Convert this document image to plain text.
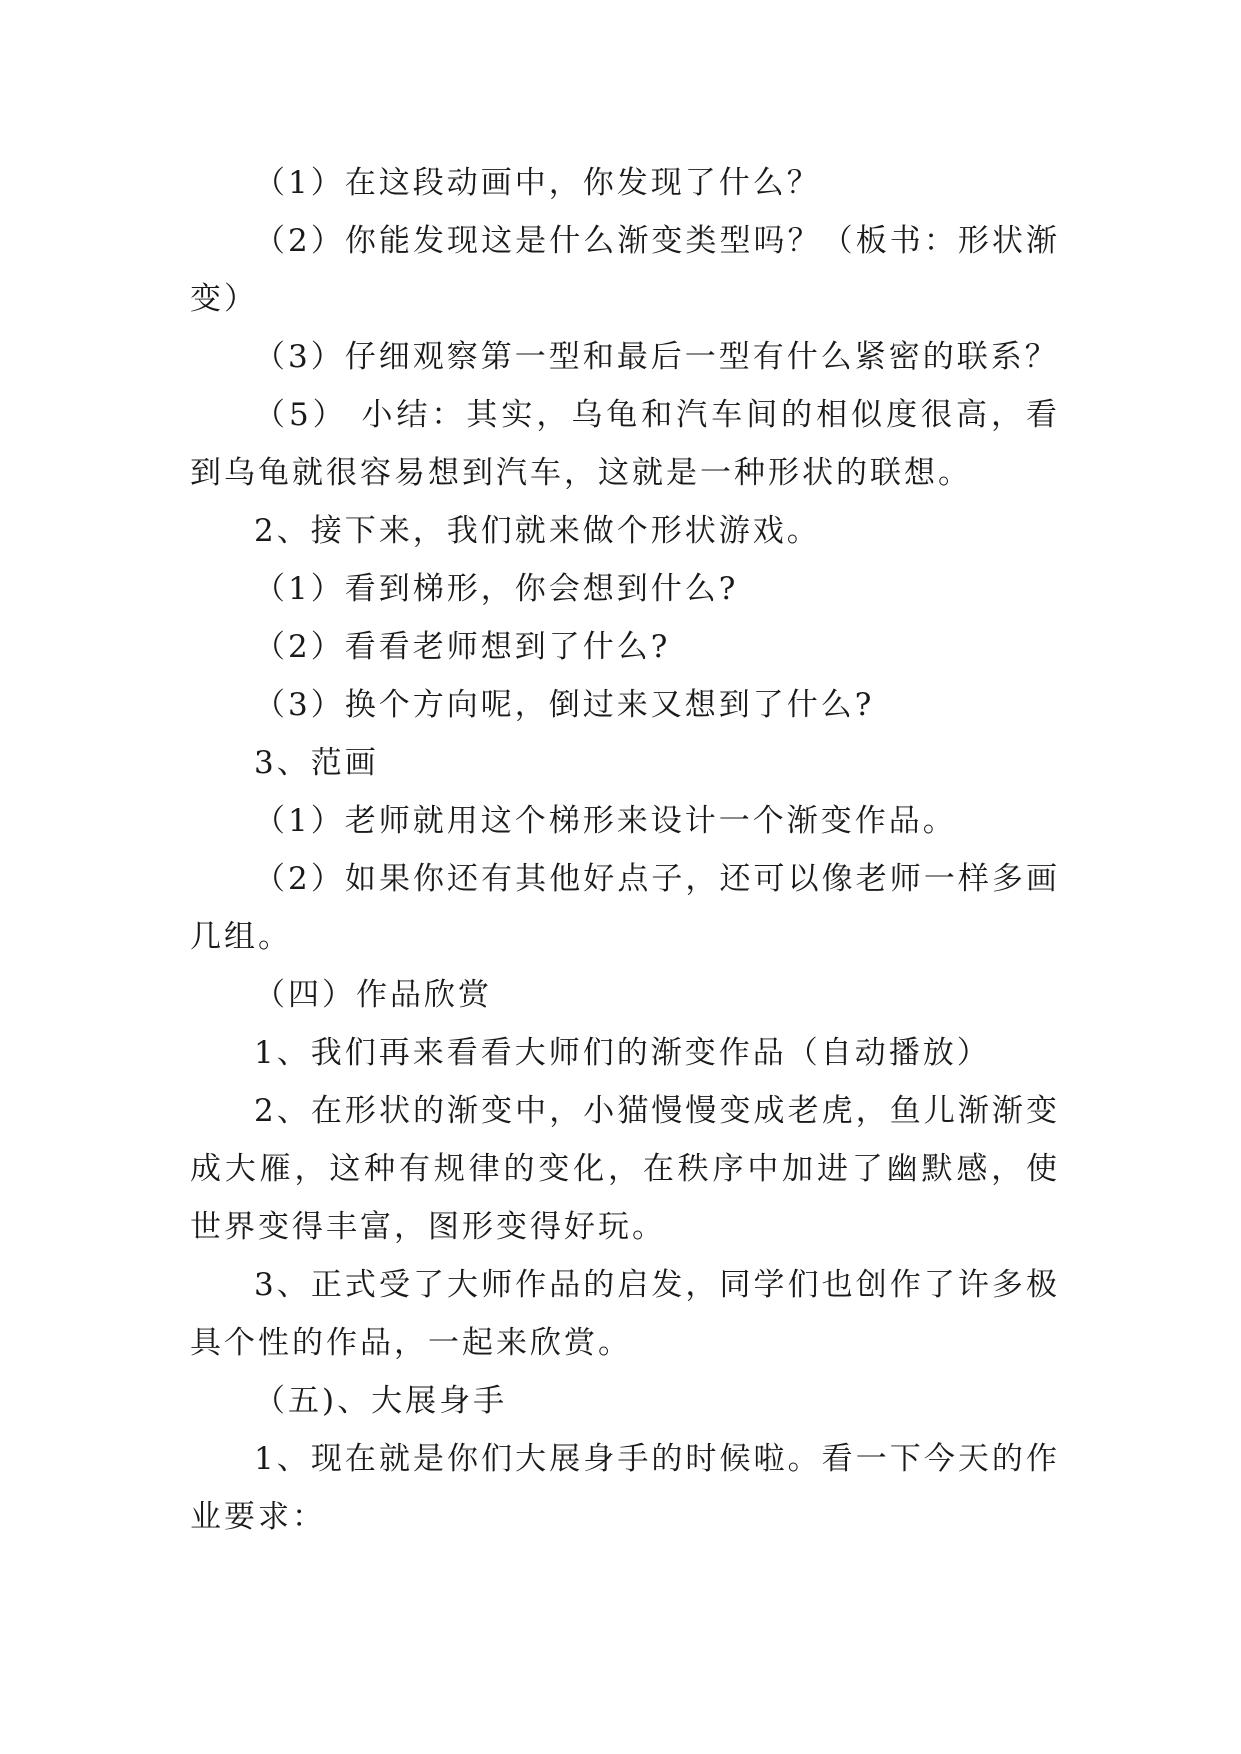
（1）在这段动画中，你发现了什么？

（2）你能发现这是什么渐变类型吗？（板书：形状渐变）

（3）仔细观察第一型和最后一型有什么紧密的联系？

（5） 小结：其实，乌龟和汽车间的相似度很高，看到乌龟就很容易想到汽车，这就是一种形状的联想。

2、接下来，我们就来做个形状游戏。

（1）看到梯形，你会想到什么?

（2）看看老师想到了什么?

（3）换个方向呢，倒过来又想到了什么?

3、范画

（1）老师就用这个梯形来设计一个渐变作品。

（2）如果你还有其他好点子，还可以像老师一样多画几组。

（四）作品欣赏

1、我们再来看看大师们的渐变作品（自动播放）

2、在形状的渐变中，小猫慢慢变成老虎，鱼儿渐渐变成大雁，这种有规律的变化，在秩序中加进了幽默感，使世界变得丰富，图形变得好玩。

3、正式受了大师作品的启发，同学们也创作了许多极具个性的作品，一起来欣赏。

（五)、大展身手

1、现在就是你们大展身手的时候啦。看一下今天的作业要求：
